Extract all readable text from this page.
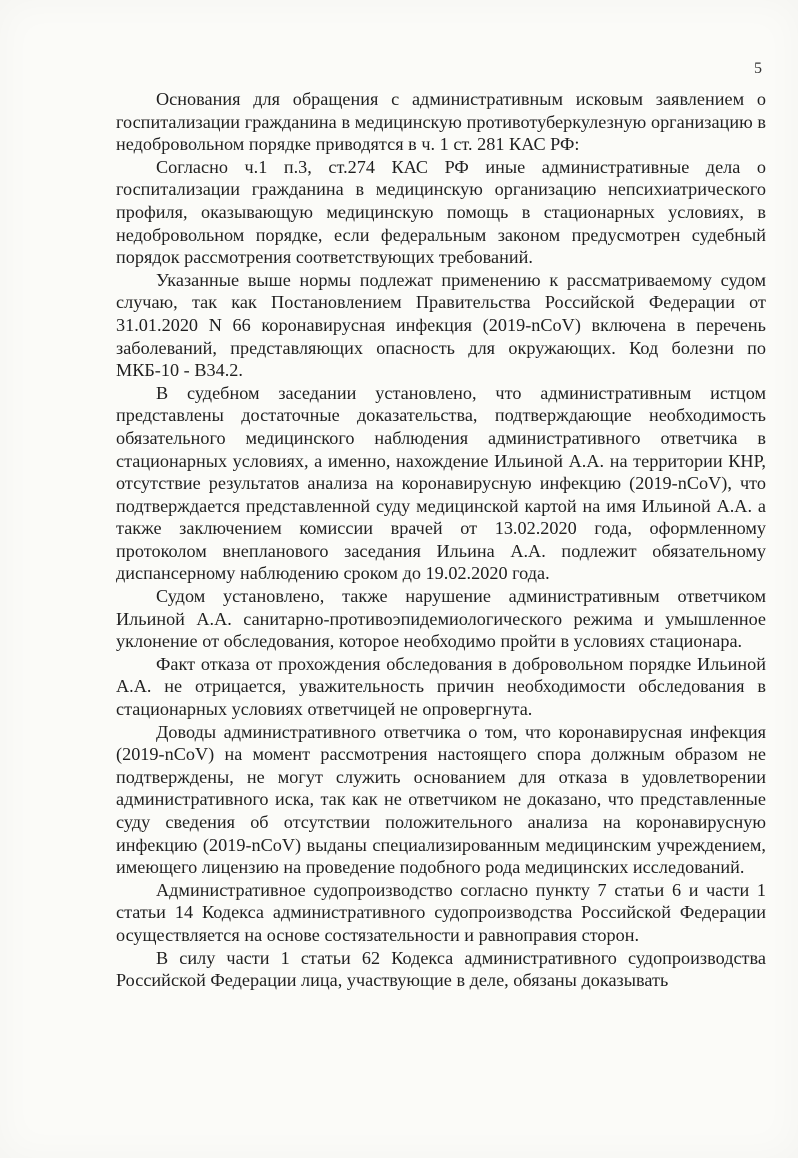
5

Основания для обращения с административным исковым заявлением о госпитализации гражданина в медицинскую противотуберкулезную организацию в недобровольном порядке приводятся в ч. 1 ст. 281 КАС РФ:

Согласно ч.1 п.3, ст.274 КАС РФ иные административные дела о госпитализации гражданина в медицинскую организацию непсихиатрического профиля, оказывающую медицинскую помощь в стационарных условиях, в недобровольном порядке, если федеральным законом предусмотрен судебный порядок рассмотрения соответствующих требований.

Указанные выше нормы подлежат применению к рассматриваемому судом случаю, так как Постановлением Правительства Российской Федерации от 31.01.2020 N 66 коронавирусная инфекция (2019-nCoV) включена в перечень заболеваний, представляющих опасность для окружающих. Код болезни по МКБ-10 - B34.2.

В судебном заседании установлено, что административным истцом представлены достаточные доказательства, подтверждающие необходимость обязательного медицинского наблюдения административного ответчика в стационарных условиях, а именно, нахождение Ильиной А.А. на территории КНР, отсутствие результатов анализа на коронавирусную инфекцию (2019-nCoV), что подтверждается представленной суду медицинской картой на имя Ильиной А.А. а также заключением комиссии врачей от 13.02.2020 года, оформленному протоколом внепланового заседания Ильина А.А. подлежит обязательному диспансерному наблюдению сроком до 19.02.2020 года.

Судом установлено, также нарушение административным ответчиком Ильиной А.А. санитарно-противоэпидемиологического режима и умышленное уклонение от обследования, которое необходимо пройти в условиях стационара.

Факт отказа от прохождения обследования в добровольном порядке Ильиной А.А. не отрицается, уважительность причин необходимости обследования в стационарных условиях ответчицей не опровергнута.

Доводы административного ответчика о том, что коронавирусная инфекция (2019-nCoV) на момент рассмотрения настоящего спора должным образом не подтверждены, не могут служить основанием для отказа в удовлетворении административного иска, так как не ответчиком не доказано, что представленные суду сведения об отсутствии положительного анализа на коронавирусную инфекцию (2019-nCoV) выданы специализированным медицинским учреждением, имеющего лицензию на проведение подобного рода медицинских исследований.

Административное судопроизводство согласно пункту 7 статьи 6 и части 1 статьи 14 Кодекса административного судопроизводства Российской Федерации осуществляется на основе состязательности и равноправия сторон.

В силу части 1 статьи 62 Кодекса административного судопроизводства Российской Федерации лица, участвующие в деле, обязаны доказывать
